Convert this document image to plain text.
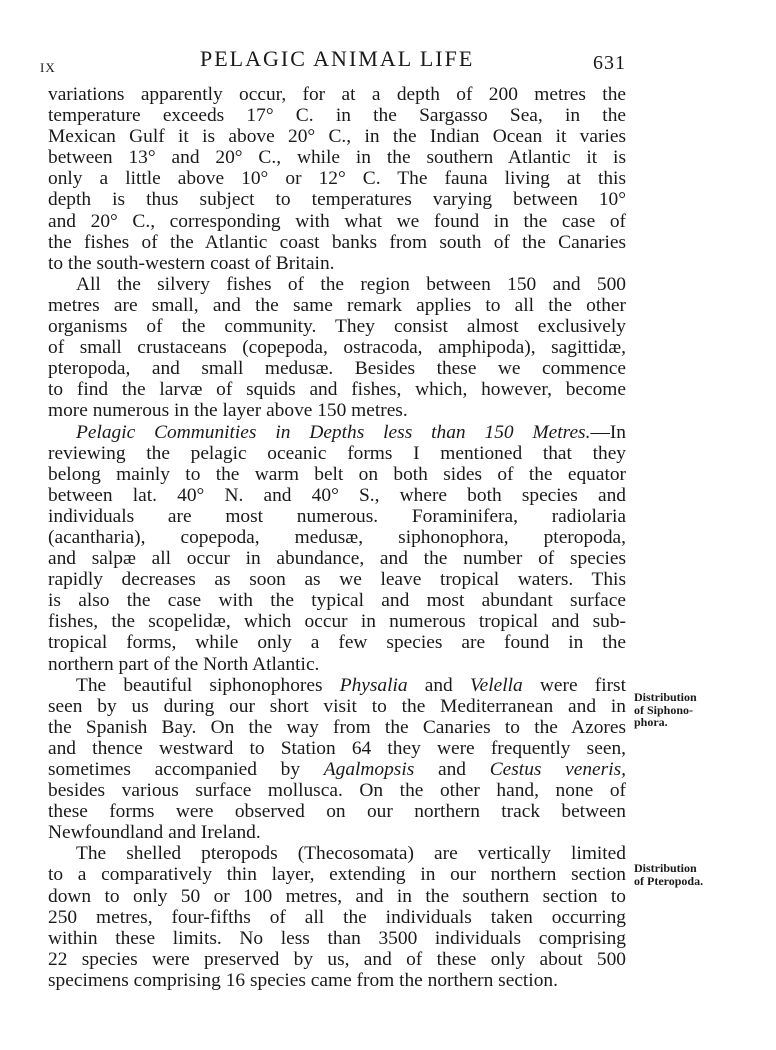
IX	PELAGIC ANIMAL LIFE	631
variations apparently occur, for at a depth of 200 metres the
temperature exceeds 17° C. in the Sargasso Sea, in the
Mexican Gulf it is above 20° C., in the Indian Ocean it varies
between 13° and 20° C., while in the southern Atlantic it is
only a little above 10° or 12° C. The fauna living at this
depth is thus subject to temperatures varying between 10°
and 20° C., corresponding with what we found in the case of
the fishes of the Atlantic coast banks from south of the Canaries
to the south-western coast of Britain.
All the silvery fishes of the region between 150 and 500
metres are small, and the same remark applies to all the other
organisms of the community. They consist almost exclusively
of small crustaceans (copepoda, ostracoda, amphipoda), sagittidæ,
pteropoda, and small medusæ. Besides these we commence
to find the larvæ of squids and fishes, which, however, become
more numerous in the layer above 150 metres.
Pelagic Communities in Depths less than 150 Metres.—In
reviewing the pelagic oceanic forms I mentioned that they
belong mainly to the warm belt on both sides of the equator
between lat. 40° N. and 40° S., where both species and
individuals are most numerous. Foraminifera, radiolaria
(acantharia), copepoda, medusæ, siphonophora, pteropoda,
and salpæ all occur in abundance, and the number of species
rapidly decreases as soon as we leave tropical waters. This
is also the case with the typical and most abundant surface
fishes, the scopelidæ, which occur in numerous tropical and sub-
tropical forms, while only a few species are found in the
northern part of the North Atlantic.
The beautiful siphonophores Physalia and Velella were first
seen by us during our short visit to the Mediterranean and in
the Spanish Bay. On the way from the Canaries to the Azores
and thence westward to Station 64 they were frequently seen,
sometimes accompanied by Agalmopsis and Cestus veneris,
besides various surface mollusca. On the other hand, none of
these forms were observed on our northern track between
Newfoundland and Ireland.
The shelled pteropods (Thecosomata) are vertically limited
to a comparatively thin layer, extending in our northern section
down to only 50 or 100 metres, and in the southern section to
250 metres, four-fifths of all the individuals taken occurring
within these limits. No less than 3500 individuals comprising
22 species were preserved by us, and of these only about 500
specimens comprising 16 species came from the northern section.
Distribution
of Siphono-
phora.
Distribution
of Pteropoda.
